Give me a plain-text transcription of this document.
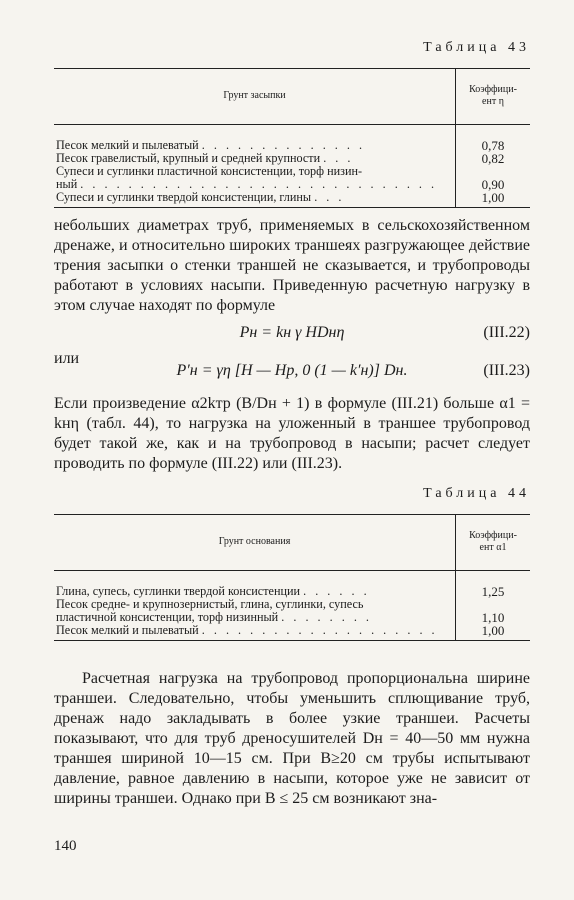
Таблица 43
Грунт засыпки	Коэффици-
ент η

Песок мелкий и пылеватый . . . . . . . . . . . . . .	0,78
Песок гравелистый, крупный и средней крупности . . .	0,82
Супеси и суглинки пластичной консистенции, торф низин-	
ный . . . . . . . . . . . . . . . . . . . . . . . . . . . . . .	0,90
Супеси и суглинки твердой консистенции, глины . . .	1,00

небольших диаметрах труб, применяемых в сельскохозяйственном дренаже, и относительно широких траншеях разгружающее действие трения засыпки о стенки траншей не сказывается, и трубопроводы работают в условиях насыпи. Приведенную расчетную нагрузку в этом случае находят по формуле

Pн = kн γ HDнη	(III.22)
или
P′н = γη [H — Hр, 0 (1 — k′н)] Dн.	(III.23)

Если произведение α2kтр (B/Dн + 1) в формуле (III.21) больше α1 = kнη (табл. 44), то нагрузка на уложенный в траншее трубопровод будет такой же, как и на трубопровод в насыпи; расчет следует проводить по формуле (III.22) или (III.23).

Таблица 44
Грунт основания	Коэффици-
ент α1

Глина, супесь, суглинки твердой консистенции . . . . . .	1,25
Песок средне- и крупнозернистый, глина, суглинки, супесь	
пластичной консистенции, торф низинный . . . . . . . .	1,10
Песок мелкий и пылеватый . . . . . . . . . . . . . . . . . . . .	1,00

Расчетная нагрузка на трубопровод пропорциональна ширине траншеи. Следовательно, чтобы уменьшить сплющивание труб, дренаж надо закладывать в более узкие траншеи. Расчеты показывают, что для труб дреносушителей Dн = 40—50 мм нужна траншея шириной 10—15 см. При B≥20 см трубы испытывают давление, равное давлению в насыпи, которое уже не зависит от ширины траншеи. Однако при B ≤ 25 см возникают зна-

140
